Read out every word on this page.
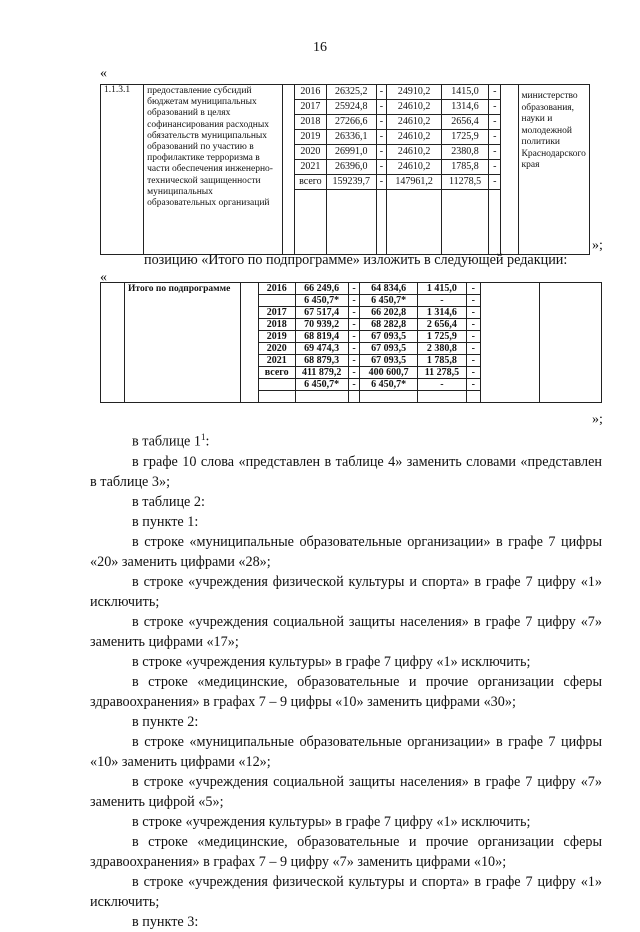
16
«
1.1.3.1	предоставление субсидий бюджетам муниципальных образований в целях софинансирования расходных обязательств муниципальных образований по участию в профилактике терроризма в части обеспечения инженерно-технической защищенности муниципальных образовательных организаций		2016	26325,2	-	24910,2	1415,0	-		министерство образования, науки и молодежной политики Краснодарского края
			2017	25924,8	-	24610,2	1314,6	-		
			2018	27266,6	-	24610,2	2656,4	-		
			2019	26336,1	-	24610,2	1725,9	-		
			2020	26991,0	-	24610,2	2380,8	-		
			2021	26396,0	-	24610,2	1785,8	-		
			всего	159239,7	-	147961,2	11278,5	-		

»;
позицию «Итого по подпрограмме» изложить в следующей редакции:
«
	Итого по подпрограмме		2016	66 249,6	-	64 834,6	1 415,0	-		
				6 450,7*	-	6 450,7*	-	-		
			2017	67 517,4	-	66 202,8	1 314,6	-		
			2018	70 939,2	-	68 282,8	2 656,4	-		
			2019	68 819,4	-	67 093,5	1 725,9	-		
			2020	69 474,3	-	67 093,5	2 380,8	-		
			2021	68 879,3	-	67 093,5	1 785,8	-		
			всего	411 879,2	-	400 600,7	11 278,5	-		
				6 450,7*	-	6 450,7*	-	-		

»;

в таблице $1^1$:

в графе 10 слова «представлен в таблице 4» заменить словами «представлен в таблице 3»;

в таблице 2:

в пункте 1:

в строке «муниципальные образовательные организации» в графе 7 цифры «20» заменить цифрами «28»;

в строке «учреждения физической культуры и спорта» в графе 7 цифру «1» исключить;

в строке «учреждения социальной защиты населения» в графе 7 цифру «7» заменить цифрами «17»;

в строке «учреждения культуры» в графе 7 цифру «1» исключить;

в строке «медицинские, образовательные и прочие организации сферы здравоохранения» в графах 7 – 9 цифры «10» заменить цифрами «30»;

в пункте 2:

в строке «муниципальные образовательные организации» в графе 7 цифры «10» заменить цифрами «12»;

в строке «учреждения социальной защиты населения» в графе 7 цифру «7» заменить цифрой «5»;

в строке «учреждения культуры» в графе 7 цифру «1» исключить;

в строке «медицинские, образовательные и прочие организации сферы здравоохранения» в графах 7 – 9 цифру «7» заменить цифрами «10»;

в строке «учреждения физической культуры и спорта» в графе 7 цифру «1» исключить;

в пункте 3:
